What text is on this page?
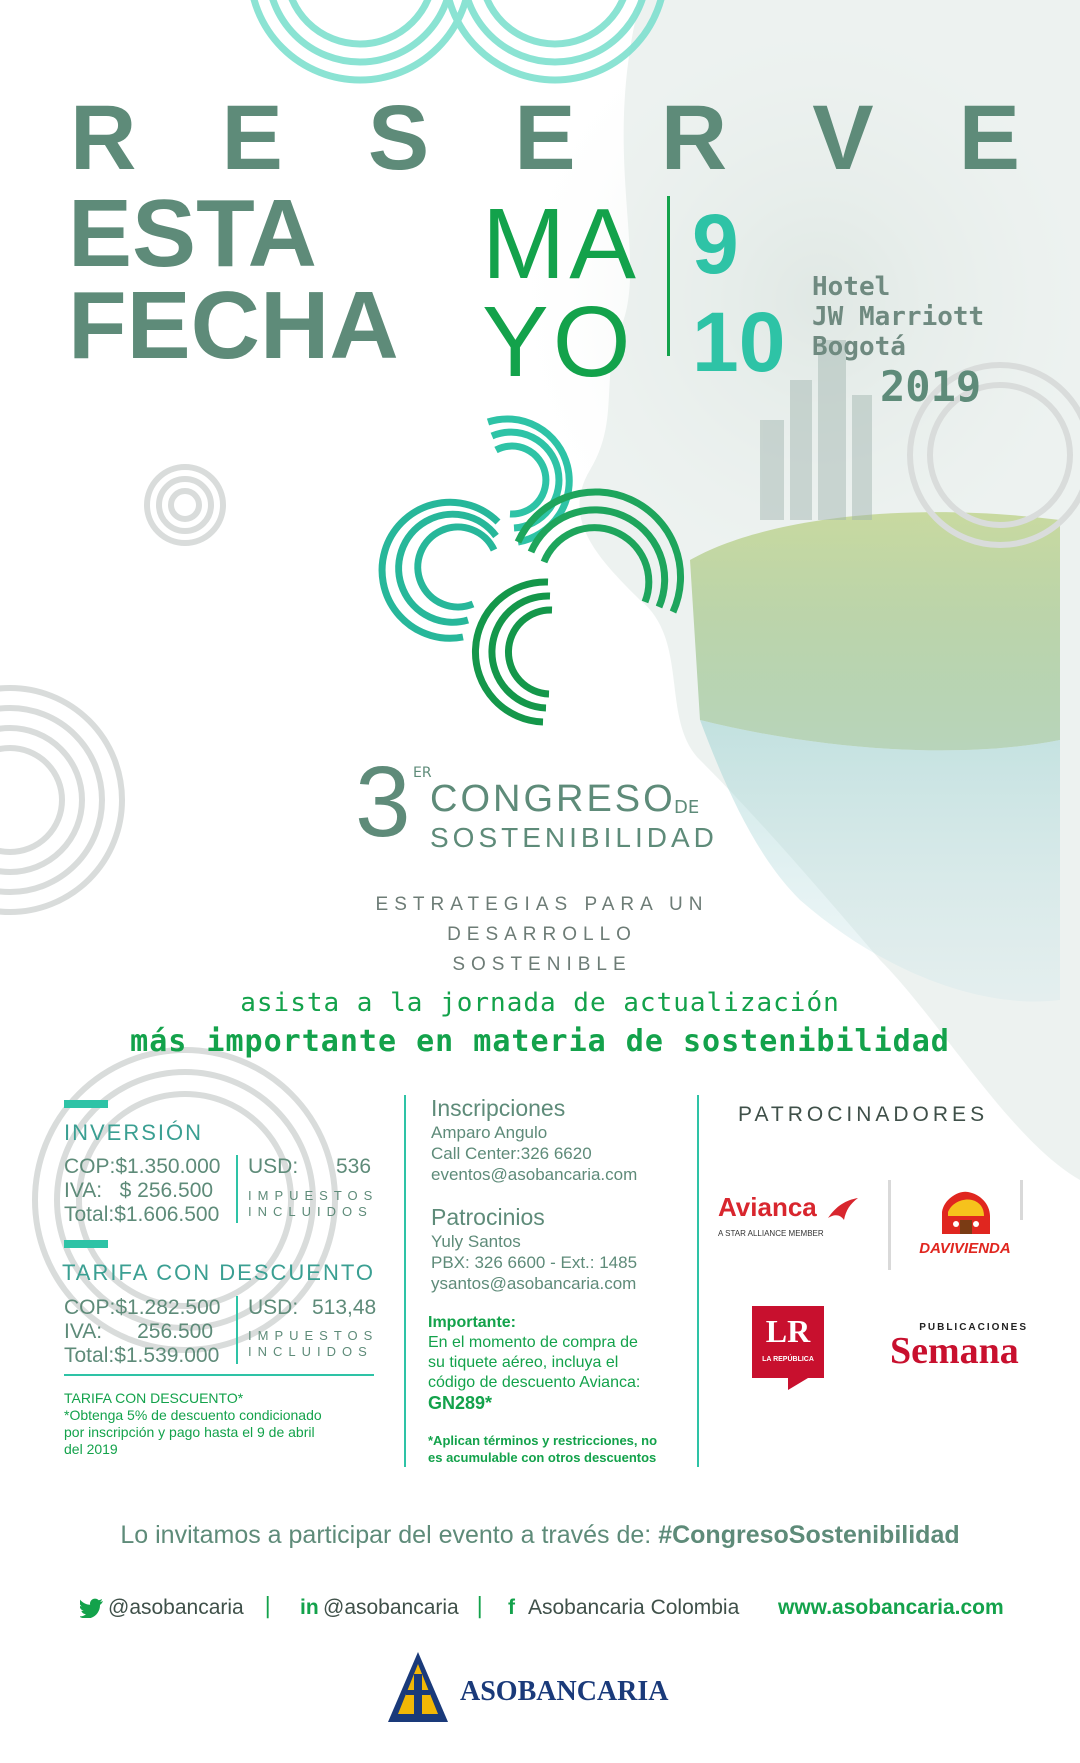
R E S E R V E
ESTA
FECHA
MA
YO
9
10
Hotel
JW Marriott
Bogotá
2019
3 ER
CONGRESO
DE
SOSTENIBILIDAD
ESTRATEGIAS PARA UN
DESARROLLO SOSTENIBLE
asista a la jornada de actualización
más importante en materia de sostenibilidad
INVERSIÓN
COP:$1.350.000
IVA:   $ 256.500
Total:$1.606.500
USD: 536
IMPUESTOS
INCLUIDOS
TARIFA CON DESCUENTO
COP:$1.282.500
IVA:      256.500
Total:$1.539.000
USD: 513,48
IMPUESTOS
INCLUIDOS
TARIFA CON DESCUENTO*
*Obtenga 5% de descuento condicionado
por inscripción y pago hasta el 9 de abril
del 2019
Inscripciones
Amparo Angulo
Call Center:326 6620
eventos@asobancaria.com
Patrocinios
Yuly Santos
PBX: 326 6600 - Ext.: 1485
ysantos@asobancaria.com
Importante:
En el momento de compra de
su tiquete aéreo, incluya el
código de descuento Avianca:
GN289*
*Aplican términos y restricciones, no
es acumulable con otros descuentos
PATROCINADORES
Avianca
A STAR ALLIANCE MEMBER
DAVIVIENDA
LR
LA REPÚBLICA
PUBLICACIONES
Semana
Lo invitamos a participar del evento a través de: #CongresoSostenibilidad
@asobancaria | in @asobancaria | f Asobancaria Colombia www.asobancaria.com
ASOBANCARIA
